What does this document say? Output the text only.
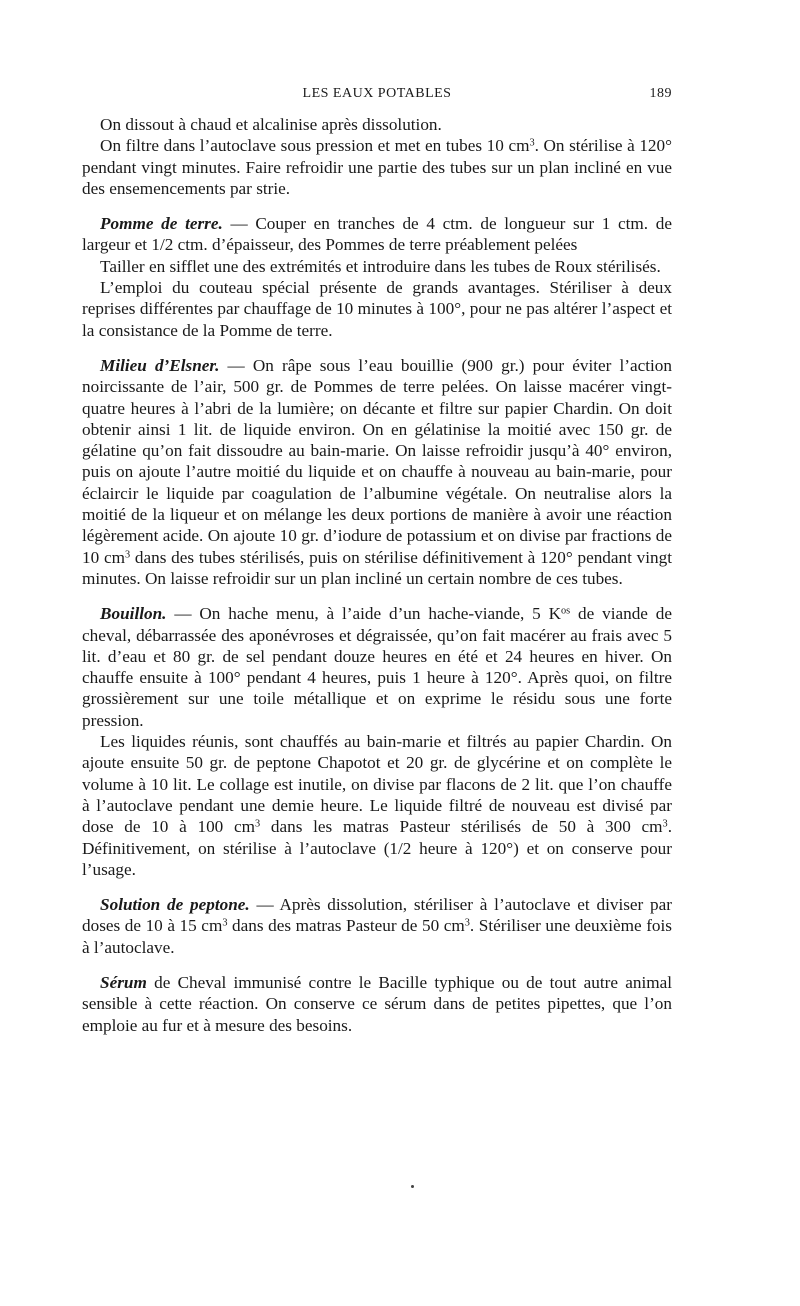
LES EAUX POTABLES	189

On dissout à chaud et alcalinise après dissolution.

On filtre dans l’autoclave sous pression et met en tubes 10 $cm^3$. On stérilise à 120° pendant vingt minutes. Faire refroidir une partie des tubes sur un plan incliné en vue des ensemencements par strie.

Pomme de terre. — Couper en tranches de 4 ctm. de longueur sur 1 ctm. de largeur et 1/2 ctm. d’épaisseur, des Pommes de terre préablement pelées

Tailler en sifflet une des extrémités et introduire dans les tubes de Roux stérilisés.

L’emploi du couteau spécial présente de grands avantages. Stériliser à deux reprises différentes par chauffage de 10 minutes à 100°, pour ne pas altérer l’aspect et la consistance de la Pomme de terre.

Milieu d’Elsner. — On râpe sous l’eau bouillie (900 gr.) pour éviter l’action noircissante de l’air, 500 gr. de Pommes de terre pelées. On laisse macérer vingt-quatre heures à l’abri de la lumière; on décante et filtre sur papier Chardin. On doit obtenir ainsi 1 lit. de liquide environ. On en gélatinise la moitié avec 150 gr. de gélatine qu’on fait dissoudre au bain-marie. On laisse refroidir jusqu’à 40° environ, puis on ajoute l’autre moitié du liquide et on chauffe à nouveau au bain-marie, pour éclaircir le liquide par coagulation de l’albumine végétale. On neutralise alors la moitié de la liqueur et on mélange les deux portions de manière à avoir une réaction légèrement acide. On ajoute 10 gr. d’iodure de potassium et on divise par fractions de 10 $cm^3$ dans des tubes stérilisés, puis on stérilise définitivement à 120° pendant vingt minutes. On laisse refroidir sur un plan incliné un certain nombre de ces tubes.

Bouillon. — On hache menu, à l’aide d’un hache-viande, 5 $K^{os}$ de viande de cheval, débarrassée des aponévroses et dégraissée, qu’on fait macérer au frais avec 5 lit. d’eau et 80 gr. de sel pendant douze heures en été et 24 heures en hiver. On chauffe ensuite à 100° pendant 4 heures, puis 1 heure à 120°. Après quoi, on filtre grossièrement sur une toile métallique et on exprime le résidu sous une forte pression.

Les liquides réunis, sont chauffés au bain-marie et filtrés au papier Chardin. On ajoute ensuite 50 gr. de peptone Chapotot et 20 gr. de glycérine et on complète le volume à 10 lit. Le collage est inutile, on divise par flacons de 2 lit. que l’on chauffe à l’autoclave pendant une demie heure. Le liquide filtré de nouveau est divisé par dose de 10 à 100 $cm^3$ dans les matras Pasteur stérilisés de 50 à 300 $cm^3$. Définitivement, on stérilise à l’autoclave (1/2 heure à 120°) et on conserve pour l’usage.

Solution de peptone. — Après dissolution, stériliser à l’autoclave et diviser par doses de 10 à 15 $cm^3$ dans des matras Pasteur de 50 $cm^3$. Stériliser une deuxième fois à l’autoclave.

Sérum de Cheval immunisé contre le Bacille typhique ou de tout autre animal sensible à cette réaction. On conserve ce sérum dans de petites pipettes, que l’on emploie au fur et à mesure des besoins.
